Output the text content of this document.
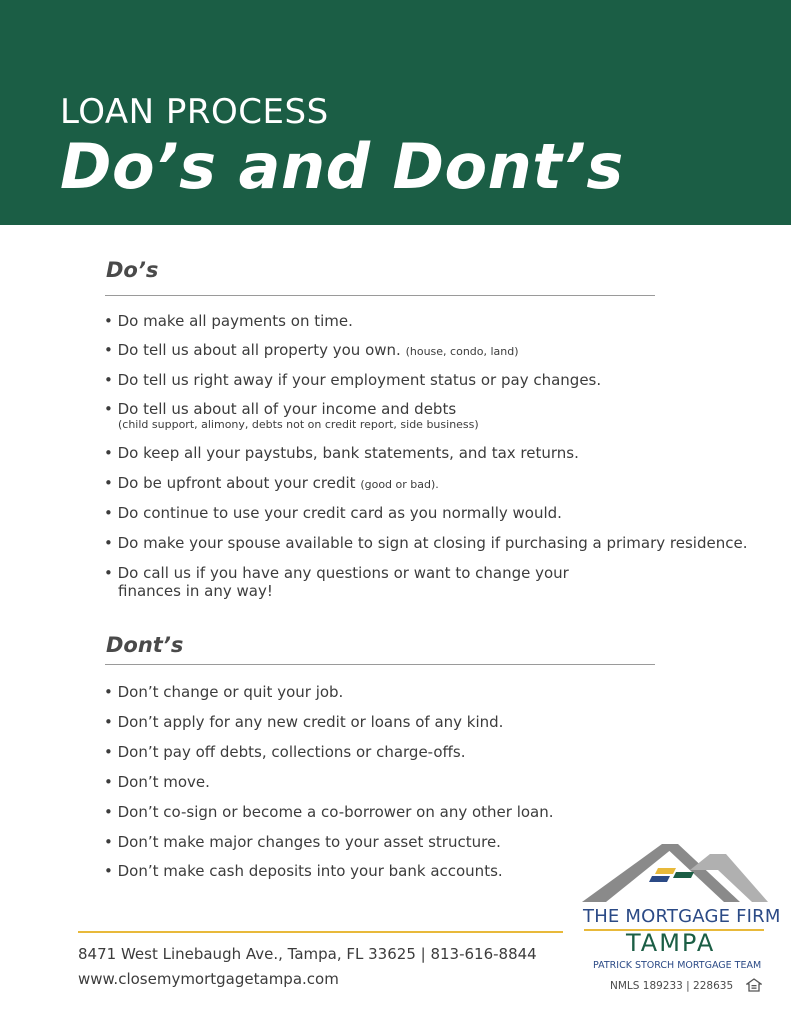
LOAN PROCESS
Do’s and Dont’s
Do’s
• Do make all payments on time.
• Do tell us about all property you own. (house, condo, land)
• Do tell us right away if your employment status or pay changes.
• Do tell us about all of your income and debts
(child support, alimony, debts not on credit report, side business)
• Do keep all your paystubs, bank statements, and tax returns.
• Do be upfront about your credit (good or bad).
• Do continue to use your credit card as you normally would.
• Do make your spouse available to sign at closing if purchasing a primary residence.
• Do call us if you have any questions or want to change your
finances in any way!
Dont’s
• Don’t change or quit your job.
• Don’t apply for any new credit or loans of any kind.
• Don’t pay off debts, collections or charge-offs.
• Don’t move.
• Don’t co-sign or become a co-borrower on any other loan.
• Don’t make major changes to your asset structure.
• Don’t make cash deposits into your bank accounts.
8471 West Linebaugh Ave., Tampa, FL 33625 | 813-616-8844
www.closemymortgagetampa.com
THE MORTGAGE FIRM
TAMPA
PATRICK STORCH MORTGAGE TEAM
NMLS 189233 | 228635
